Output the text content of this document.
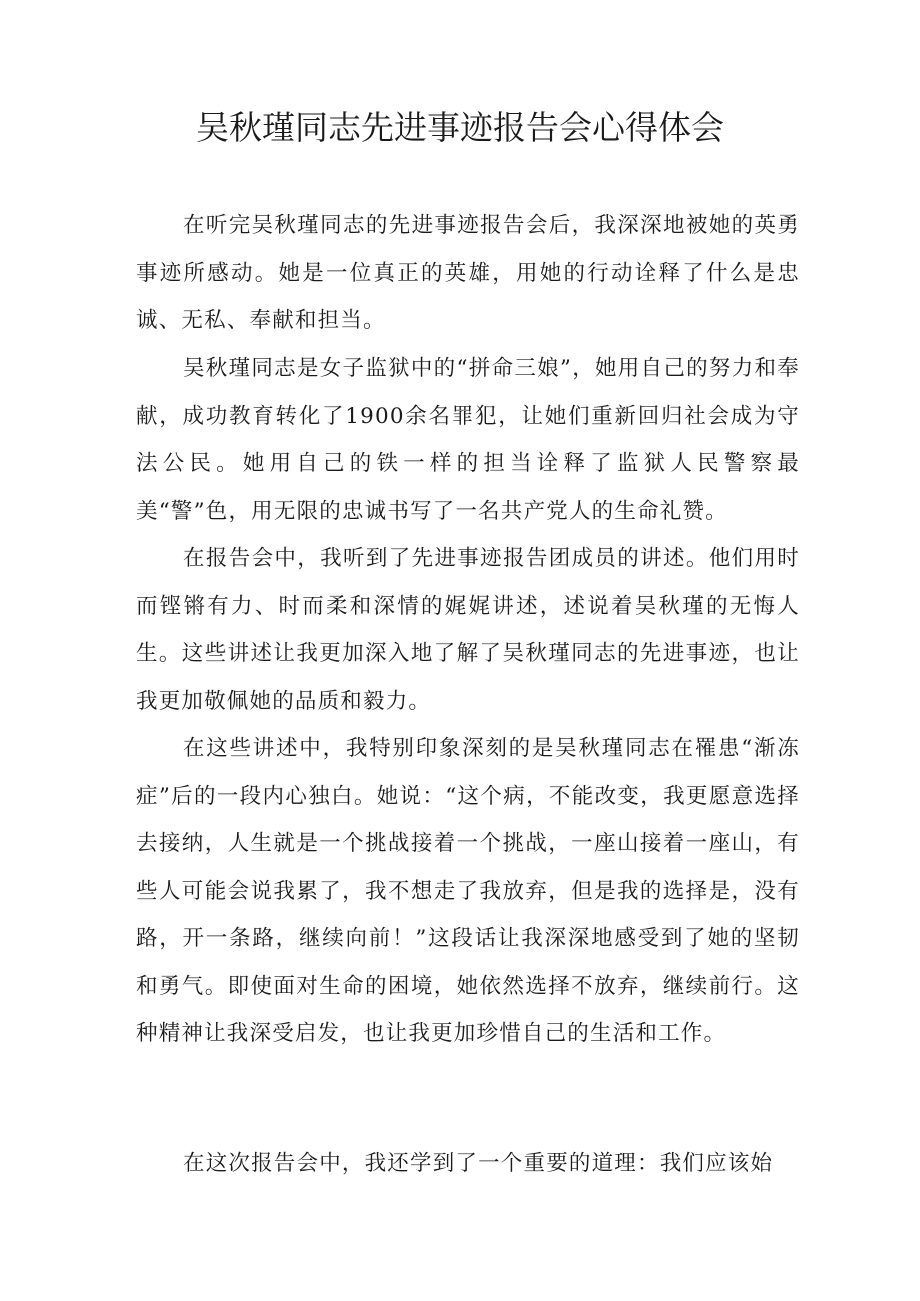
吴秋瑾同志先进事迹报告会心得体会

在听完吴秋瑾同志的先进事迹报告会后，我深深地被她的英勇事迹所感动。她是一位真正的英雄，用她的行动诠释了什么是忠诚、无私、奉献和担当。

吴秋瑾同志是女子监狱中的“拼命三娘”，她用自己的努力和奉献，成功教育转化了1900余名罪犯，让她们重新回归社会成为守法公民。她用自己的铁一样的担当诠释了监狱人民警察最美“警”色，用无限的忠诚书写了一名共产党人的生命礼赞。

在报告会中，我听到了先进事迹报告团成员的讲述。他们用时而铿锵有力、时而柔和深情的娓娓讲述，述说着吴秋瑾的无悔人生。这些讲述让我更加深入地了解了吴秋瑾同志的先进事迹，也让我更加敬佩她的品质和毅力。

在这些讲述中，我特别印象深刻的是吴秋瑾同志在罹患“渐冻症”后的一段内心独白。她说：“这个病，不能改变，我更愿意选择去接纳，人生就是一个挑战接着一个挑战，一座山接着一座山，有些人可能会说我累了，我不想走了我放弃，但是我的选择是，没有路，开一条路，继续向前！”这段话让我深深地感受到了她的坚韧和勇气。即使面对生命的困境，她依然选择不放弃，继续前行。这种精神让我深受启发，也让我更加珍惜自己的生活和工作。

在这次报告会中，我还学到了一个重要的道理：我们应该始
